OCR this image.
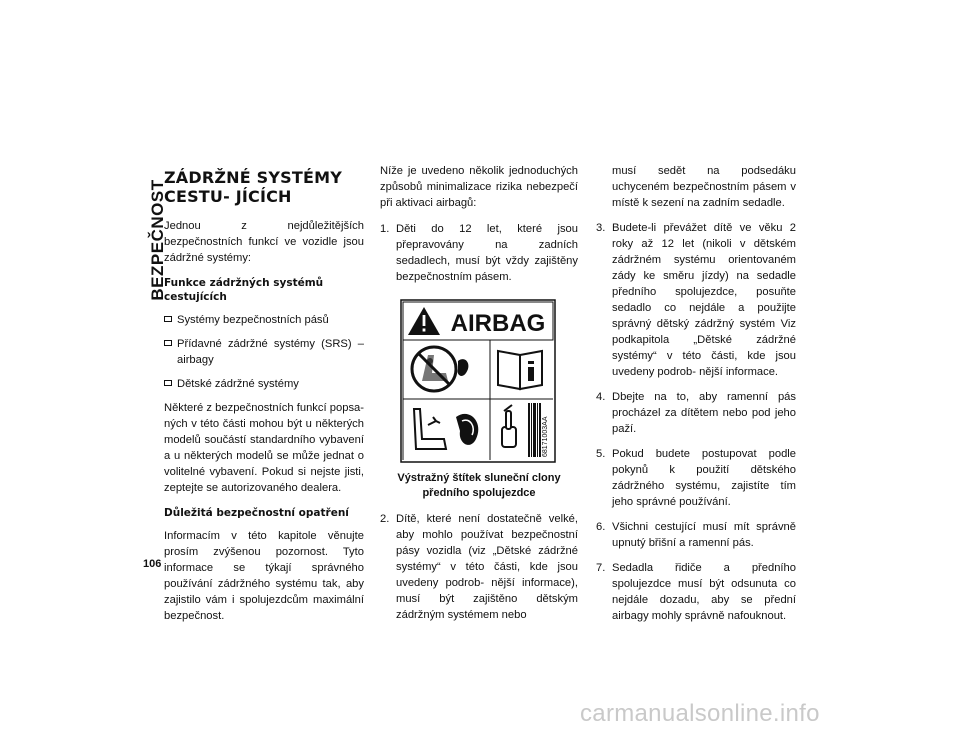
BEZPEČNOST
106
ZÁDRŽNÉ SYSTÉMY CESTU- JÍCÍCH

Jednou z nejdůležitějších bezpečnostních funkcí ve vozidle jsou zádržné systémy:

Funkce zádržných systémů cestujících
Systémy bezpečnostních pásů
Přídavné zádržné systémy (SRS) – airbagy
Dětské zádržné systémy

Některé z bezpečnostních funkcí popsa- ných v této části mohou být u některých modelů součástí standardního vybavení a u některých modelů se může jednat o volitelné vybavení. Pokud si nejste jisti, zeptejte se autorizovaného dealera.

Důležitá bezpečnostní opatření

Informacím v této kapitole věnujte prosím zvýšenou pozornost. Tyto informace se týkají správného používání zádržného systému tak, aby zajistilo vám i spolujezdcům maximální bezpečnost.

Níže je uvedeno několik jednoduchých způsobů minimalizace rizika nebezpečí při aktivaci airbagů:

1. Děti do 12 let, které jsou přepravovány na zadních sedadlech, musí být vždy zajištěny bezpečnostním pásem.
AIRBAG
68171003AA
Výstražný štítek sluneční clony předního spolujezdce
2. Dítě, které není dostatečně velké, aby mohlo používat bezpečnostní pásy vozidla (viz „Dětské zádržné systémy“ v této části, kde jsou uvedeny podrob- nější informace), musí být zajištěno dětským zádržným systémem nebo
musí sedět na podsedáku uchyceném bezpečnostním pásem v místě k sezení na zadním sedadle.
3. Budete-li převážet dítě ve věku 2 roky až 12 let (nikoli v dětském zádržném systému orientovaném zády ke směru jízdy) na sedadle předního spolujezdce, posuňte sedadlo co nejdále a použijte správný dětský zádržný systém Viz podkapitola „Dětské zádržné systémy“ v této části, kde jsou uvedeny podrob- nější informace.
4. Dbejte na to, aby ramenní pás procházel za dítětem nebo pod jeho paží.
5. Pokud budete postupovat podle pokynů k použití dětského zádržného systému, zajistíte tím jeho správné používání.
6. Všichni cestující musí mít správně upnutý břišní a ramenní pás.
7. Sedadla řidiče a předního spolujezdce musí být odsunuta co nejdále dozadu, aby se přední airbagy mohly správně nafouknout.
carmanualsonline.info
